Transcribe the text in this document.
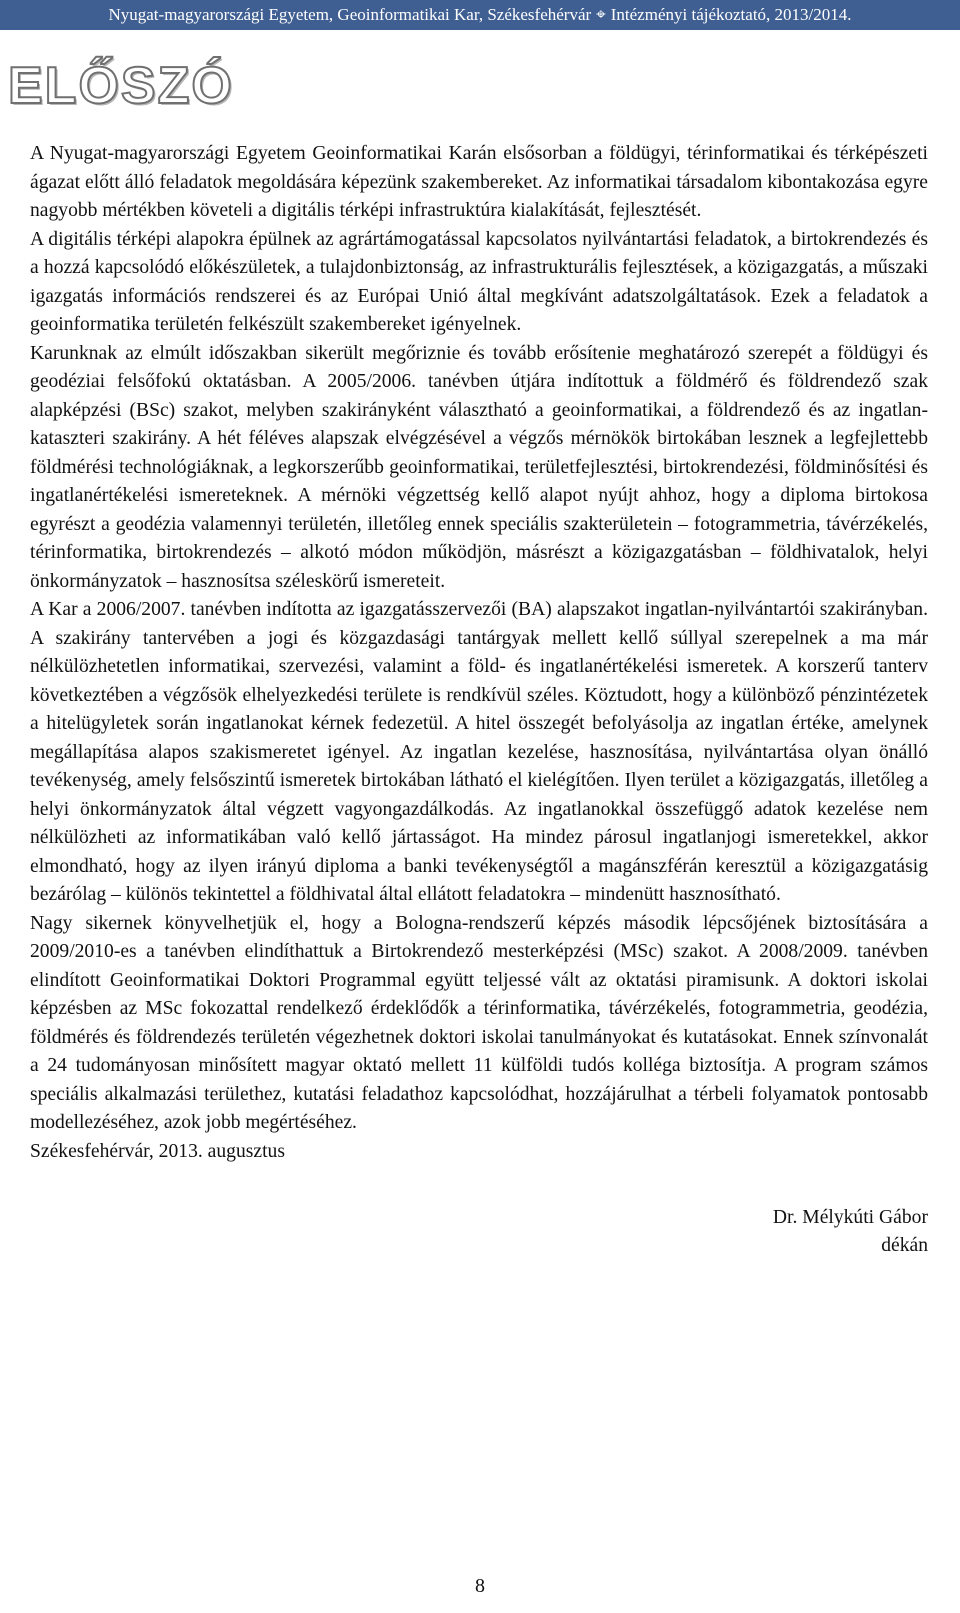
Nyugat-magyarországi Egyetem, Geoinformatikai Kar, Székesfehérvár ⌖ Intézményi tájékoztató, 2013/2014.
ELŐSZÓ

A Nyugat-magyarországi Egyetem Geoinformatikai Karán elsősorban a földügyi, térinformatikai és térképészeti ágazat előtt álló feladatok megoldására képezünk szakembereket. Az informatikai társadalom kibontakozása egyre nagyobb mértékben követeli a digitális térképi infrastruktúra kialakítását, fejlesztését.

A digitális térképi alapokra épülnek az agrártámogatással kapcsolatos nyilvántartási feladatok, a birtokrendezés és a hozzá kapcsolódó előkészületek, a tulajdonbiztonság, az infrastrukturális fejlesztések, a közigazgatás, a műszaki igazgatás információs rendszerei és az Európai Unió által megkívánt adatszolgáltatások. Ezek a feladatok a geoinformatika területén felkészült szakembereket igényelnek.

Karunknak az elmúlt időszakban sikerült megőriznie és tovább erősítenie meghatározó szerepét a földügyi és geodéziai felsőfokú oktatásban. A 2005/2006. tanévben útjára indítottuk a földmérő és földrendező szak alapképzési (BSc) szakot, melyben szakirányként választható a geoinformatikai, a földrendező és az ingatlan-kataszteri szakirány. A hét féléves alapszak elvégzésével a végzős mérnökök birtokában lesznek a legfejlettebb földmérési technológiáknak, a legkorszerűbb geoinformatikai, területfejlesztési, birtokrendezési, földminősítési és ingatlanértékelési ismereteknek. A mérnöki végzettség kellő alapot nyújt ahhoz, hogy a diploma birtokosa egyrészt a geodézia valamennyi területén, illetőleg ennek speciális szakterületein – fotogrammetria, távérzékelés, térinformatika, birtokrendezés – alkotó módon működjön, másrészt a közigazgatásban – földhivatalok, helyi önkormányzatok – hasznosítsa széleskörű ismereteit.

A Kar a 2006/2007. tanévben indította az igazgatásszervezői (BA) alapszakot ingatlan-nyilvántartói szakirányban. A szakirány tantervében a jogi és közgazdasági tantárgyak mellett kellő súllyal szerepelnek a ma már nélkülözhetetlen informatikai, szervezési, valamint a föld- és ingatlanértékelési ismeretek. A korszerű tanterv következtében a végzősök elhelyezkedési területe is rendkívül széles. Köztudott, hogy a különböző pénzintézetek a hitelügyletek során ingatlanokat kérnek fedezetül. A hitel összegét befolyásolja az ingatlan értéke, amelynek megállapítása alapos szakismeretet igényel. Az ingatlan kezelése, hasznosítása, nyilvántartása olyan önálló tevékenység, amely felsőszintű ismeretek birtokában látható el kielégítően. Ilyen terület a közigazgatás, illetőleg a helyi önkormányzatok által végzett vagyongazdálkodás. Az ingatlanokkal összefüggő adatok kezelése nem nélkülözheti az informatikában való kellő jártasságot. Ha mindez párosul ingatlanjogi ismeretekkel, akkor elmondható, hogy az ilyen irányú diploma a banki tevékenységtől a magánszférán keresztül a közigazgatásig bezárólag – különös tekintettel a földhivatal által ellátott feladatokra – mindenütt hasznosítható.

Nagy sikernek könyvelhetjük el, hogy a Bologna-rendszerű képzés második lépcsőjének biztosítására a 2009/2010-es a tanévben elindíthattuk a Birtokrendező mesterképzési (MSc) szakot. A 2008/2009. tanévben elindított Geoinformatikai Doktori Programmal együtt teljessé vált az oktatási piramisunk. A doktori iskolai képzésben az MSc fokozattal rendelkező érdeklődők a térinformatika, távérzékelés, fotogrammetria, geodézia, földmérés és földrendezés területén végezhetnek doktori iskolai tanulmányokat és kutatásokat. Ennek színvonalát a 24 tudományosan minősített magyar oktató mellett 11 külföldi tudós kollégа biztosítja. A program számos speciális alkalmazási területhez, kutatási feladathoz kapcsolódhat, hozzájárulhat a térbeli folyamatok pontosabb modellezéséhez, azok jobb megértéséhez.

Székesfehérvár, 2013. augusztus

Dr. Mélykúti Gábor
dékán
8
